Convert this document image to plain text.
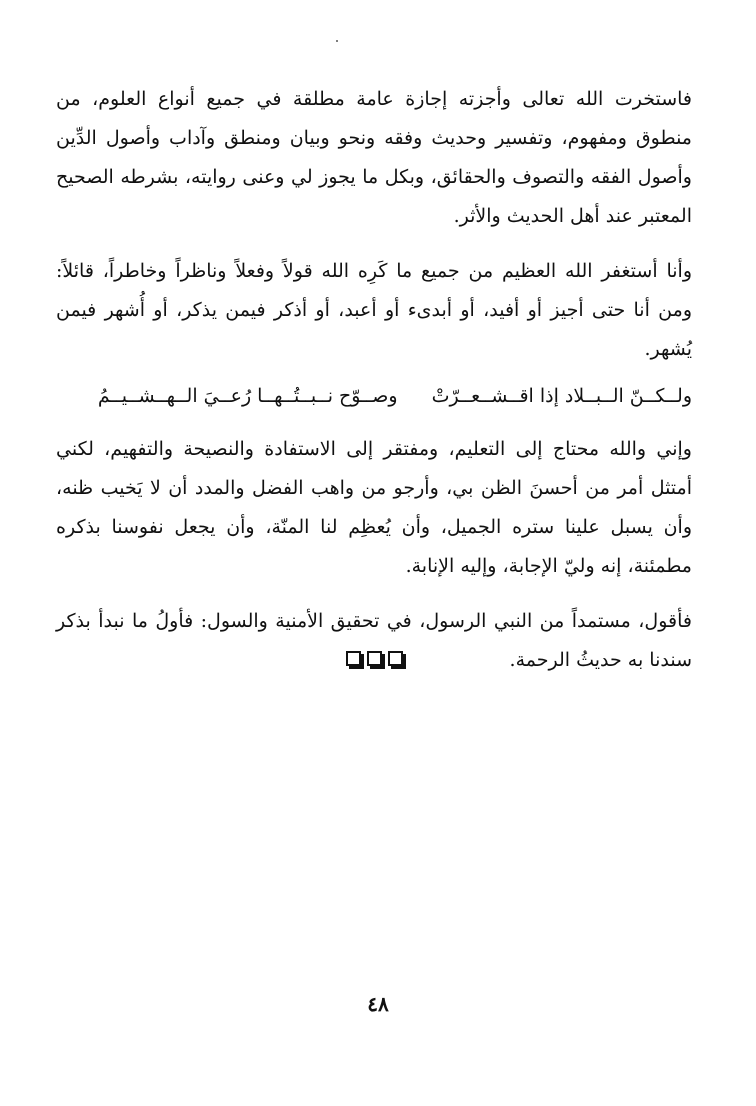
فاستخرت الله تعالى وأجزته إجازة عامة مطلقة في جميع أنواع العلوم، من منطوق ومفهوم، وتفسير وحديث وفقه ونحو وبيان ومنطق وآداب وأصول الدِّين وأصول الفقه والتصوف والحقائق، وبكل ما يجوز لي وعنى روايته، بشرطه الصحيح المعتبر عند أهل الحديث والأثر.

وأنا أستغفر الله العظيم من جميع ما كَرِه الله قولاً وفعلاً وناظراً وخاطراً، قائلاً: ومن أنا حتى أجيز أو أفيد، أو أبدىء أو أعبد، أو أذكر فيمن يذكر، أو أُشهر فيمن يُشهر.

ولــكــنّ الــبــلاد إذا اقــشــعــرّتْ
وصــوّح نــبــتُــهــا رُعــيَ الــهــشــيــمُ

وإني والله محتاج إلى التعليم، ومفتقر إلى الاستفادة والنصيحة والتفهيم، لكني أمتثل أمر من أحسنَ الظن بي، وأرجو من واهب الفضل والمدد أن لا يَخيب ظنه، وأن يسبل علينا ستره الجميل، وأن يُعظِم لنا المنّة، وأن يجعل نفوسنا بذكره مطمئنة، إنه وليّ الإجابة، وإليه الإنابة.

فأقول، مستمداً من النبي الرسول، في تحقيق الأمنية والسول: فأولُ ما نبدأ بذكر سندنا به حديثُ الرحمة.

٤٨
